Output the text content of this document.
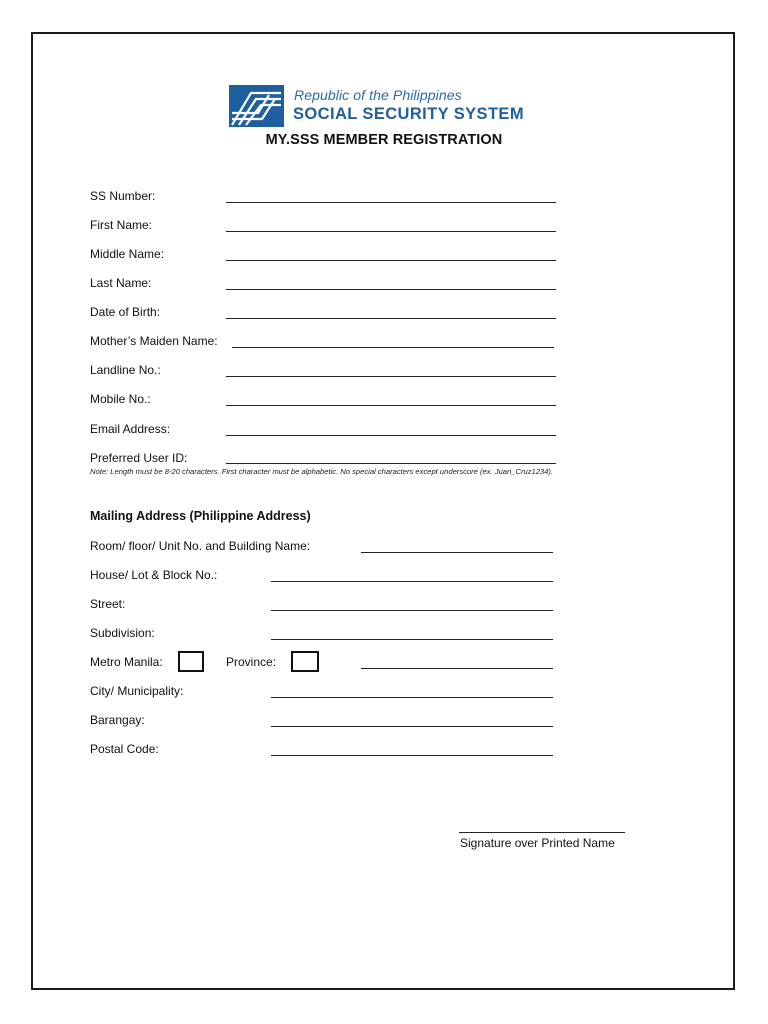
Republic of the Philippines
SOCIAL SECURITY SYSTEM
MY.SSS MEMBER REGISTRATION
SS Number:
First Name:
Middle Name:
Last Name:
Date of Birth:
Mother’s Maiden Name:
Landline No.:
Mobile No.:
Email Address:
Preferred User ID:
Note: Length must be 8-20 characters. First character must be alphabetic. No special characters except underscore (ex. Juan_Cruz1234).
Mailing Address (Philippine Address)
Room/ floor/ Unit No. and Building Name:
House/ Lot & Block No.:
Street:
Subdivision:
Metro Manila:	Province:
City/ Municipality:
Barangay:
Postal Code:
Signature over Printed Name
